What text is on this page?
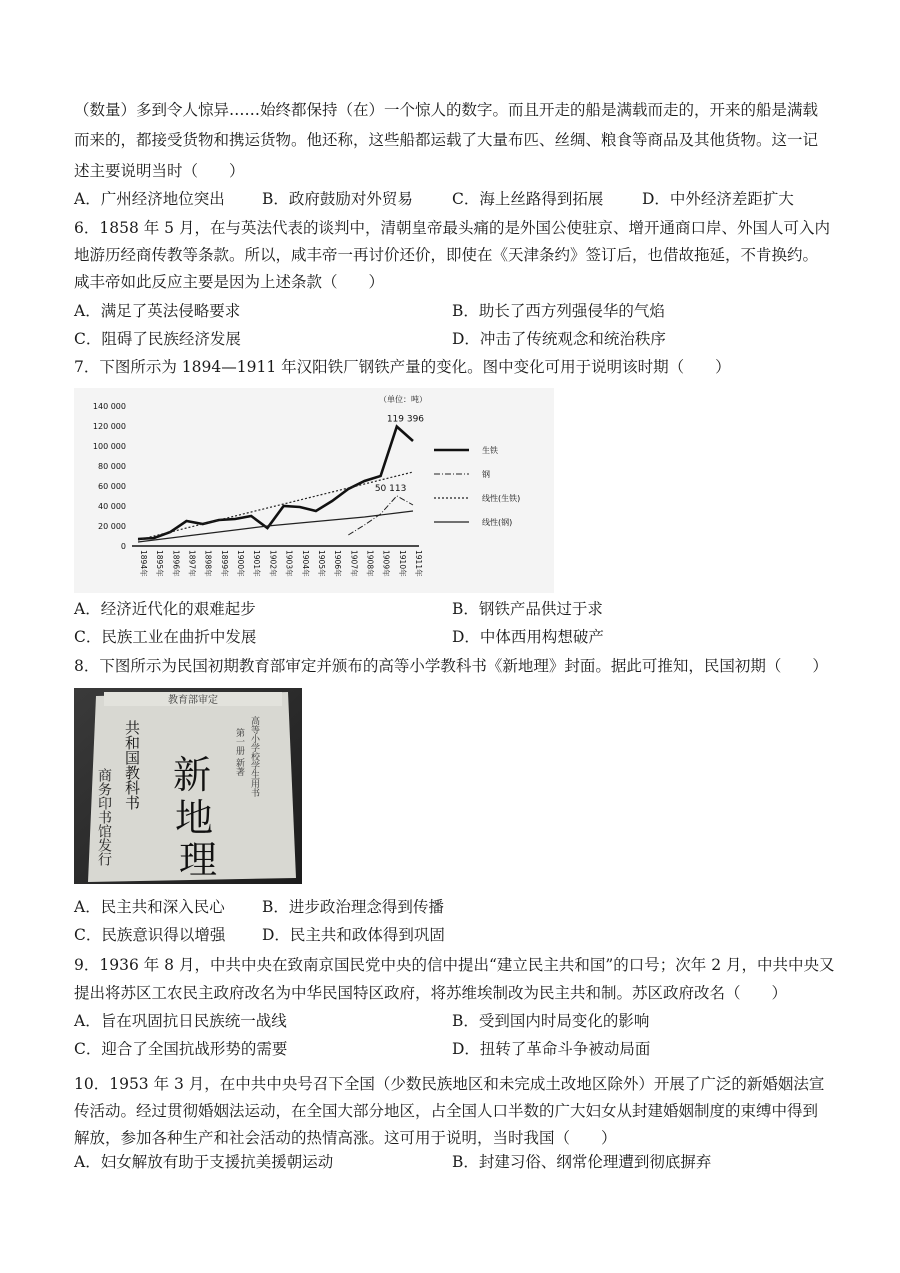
（数量）多到令人惊异……始终都保持（在）一个惊人的数字。而且开走的船是满载而走的，开来的船是满载
而来的，都接受货物和携运货物。他还称，这些船都运载了大量布匹、丝绸、粮食等商品及其他货物。这一记
述主要说明当时（　　）
6．1858 年 5 月，在与英法代表的谈判中，清朝皇帝最头痛的是外国公使驻京、增开通商口岸、外国人可入内
地游历经商传教等条款。所以，咸丰帝一再讨价还价，即使在《天津条约》签订后，也借故拖延，不肯换约。
咸丰帝如此反应主要是因为上述条款（　　）
7．下图所示为 1894—1911 年汉阳铁厂钢铁产量的变化。图中变化可用于说明该时期（　　）
8．下图所示为民国初期教育部审定并颁布的高等小学教科书《新地理》封面。据此可推知，民国初期（　　）
9．1936 年 8 月，中共中央在致南京国民党中央的信中提出“建立民主共和国”的口号；次年 2 月，中共中央又
提出将苏区工农民主政府改名为中华民国特区政府，将苏维埃制改为民主共和制。苏区政府改名（　　）
10．1953 年 3 月，在中共中央号召下全国（少数民族地区和未完成土改地区除外）开展了广泛的新婚姻法宣
传活动。经过贯彻婚姻法运动，在全国大部分地区，占全国人口半数的广大妇女从封建婚姻制度的束缚中得到
解放，参加各种生产和社会活动的热情高涨。这可用于说明，当时我国（　　）
A．广州经济地位突出 B．政府鼓励对外贸易	C．海上丝路得到拓展 D．中外经济差距扩大
A．满足了英法侵略要求	B．助长了西方列强侵华的气焰
C．阻碍了民族经济发展	D．冲击了传统观念和统治秩序
A．经济近代化的艰难起步	B．钢铁产品供过于求
C．民族工业在曲折中发展	D．中体西用构想破产
A．民主共和深入民心 B．进步政治理念得到传播
C．民族意识得以增强 D．民主共和政体得到巩固
A．旨在巩固抗日民族统一战线	B．受到国内时局变化的影响
C．迎合了全国抗战形势的需要	D．扭转了革命斗争被动局面
A．妇女解放有助于支援抗美援朝运动	B．封建习俗、纲常伦理遭到彻底摒弃
0
20 000
40 000
60 000
80 000
100 000
120 000
140 000
1894年 1895年 1896年 1897年 1898年 1899年 1900年 1901年 1902年 1903年 1904年 1905年 1906年 1907年 1908年 1909年 1910年 1911年
生铁
钢
线性(生铁)
线性(钢)
（单位：吨）
119 396
50 113
教育部审定
共和国教科书	高等小学校学生用书
第一册 新著
商务印书馆发行 新
地
理
